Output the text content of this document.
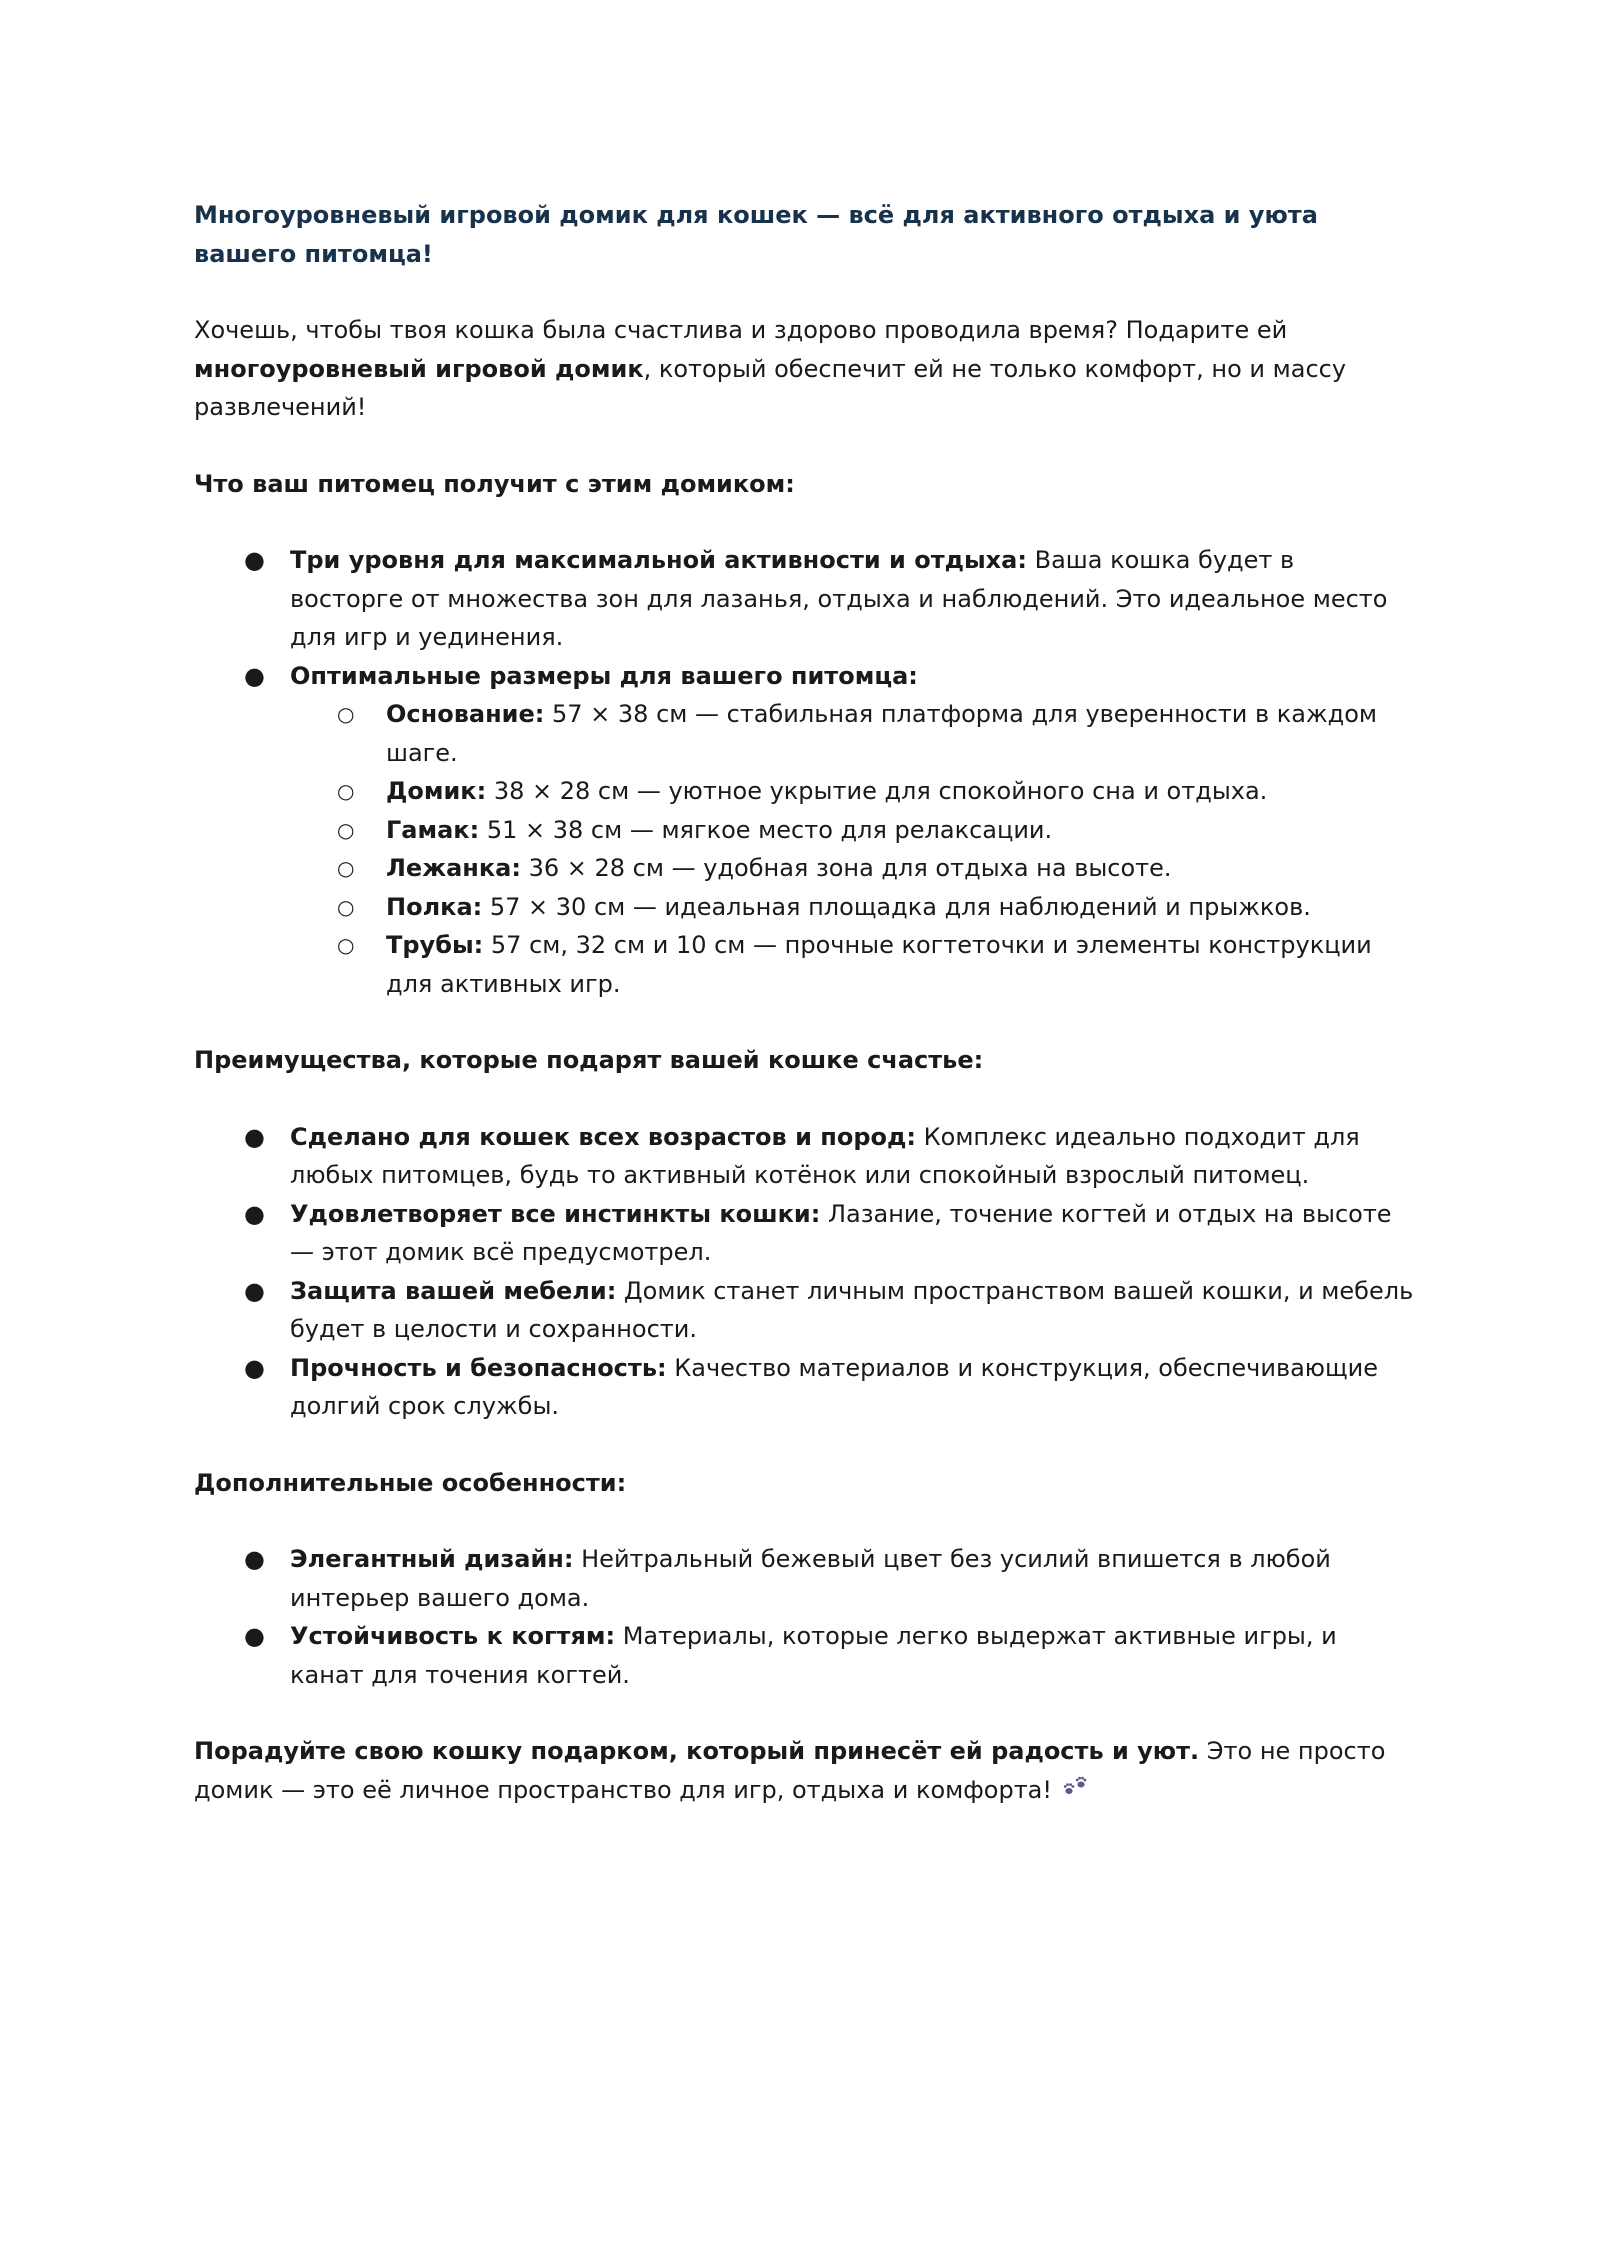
Многоуровневый игровой домик для кошек — всё для активного отдыха и уюта вашего питомца!

Хочешь, чтобы твоя кошка была счастлива и здорово проводила время? Подарите ей многоуровневый игровой домик, который обеспечит ей не только комфорт, но и массу развлечений!

Что ваш питомец получит с этим домиком:
● Три уровня для максимальной активности и отдыха: Ваша кошка будет в восторге от множества зон для лазанья, отдыха и наблюдений. Это идеальное место для игр и уединения.
● Оптимальные размеры для вашего питомца:
○ Основание: 57 × 38 см — стабильная платформа для уверенности в каждом шаге.
○ Домик: 38 × 28 см — уютное укрытие для спокойного сна и отдыха.
○ Гамак: 51 × 38 см — мягкое место для релаксации.
○ Лежанка: 36 × 28 см — удобная зона для отдыха на высоте.
○ Полка: 57 × 30 см — идеальная площадка для наблюдений и прыжков.
○ Трубы: 57 см, 32 см и 10 см — прочные когтеточки и элементы конструкции для активных игр.
Преимущества, которые подарят вашей кошке счастье:
● Сделано для кошек всех возрастов и пород: Комплекс идеально подходит для любых питомцев, будь то активный котёнок или спокойный взрослый питомец.
● Удовлетворяет все инстинкты кошки: Лазание, точение когтей и отдых на высоте — этот домик всё предусмотрел.
● Защита вашей мебели: Домик станет личным пространством вашей кошки, и мебель будет в целости и сохранности.
● Прочность и безопасность: Качество материалов и конструкция, обеспечивающие долгий срок службы.
Дополнительные особенности:
● Элегантный дизайн: Нейтральный бежевый цвет без усилий впишется в любой интерьер вашего дома.
● Устойчивость к когтям: Материалы, которые легко выдержат активные игры, и канат для точения когтей.

Порадуйте свою кошку подарком, который принесёт ей радость и уют. Это не просто домик — это её личное пространство для игр, отдыха и комфорта!
